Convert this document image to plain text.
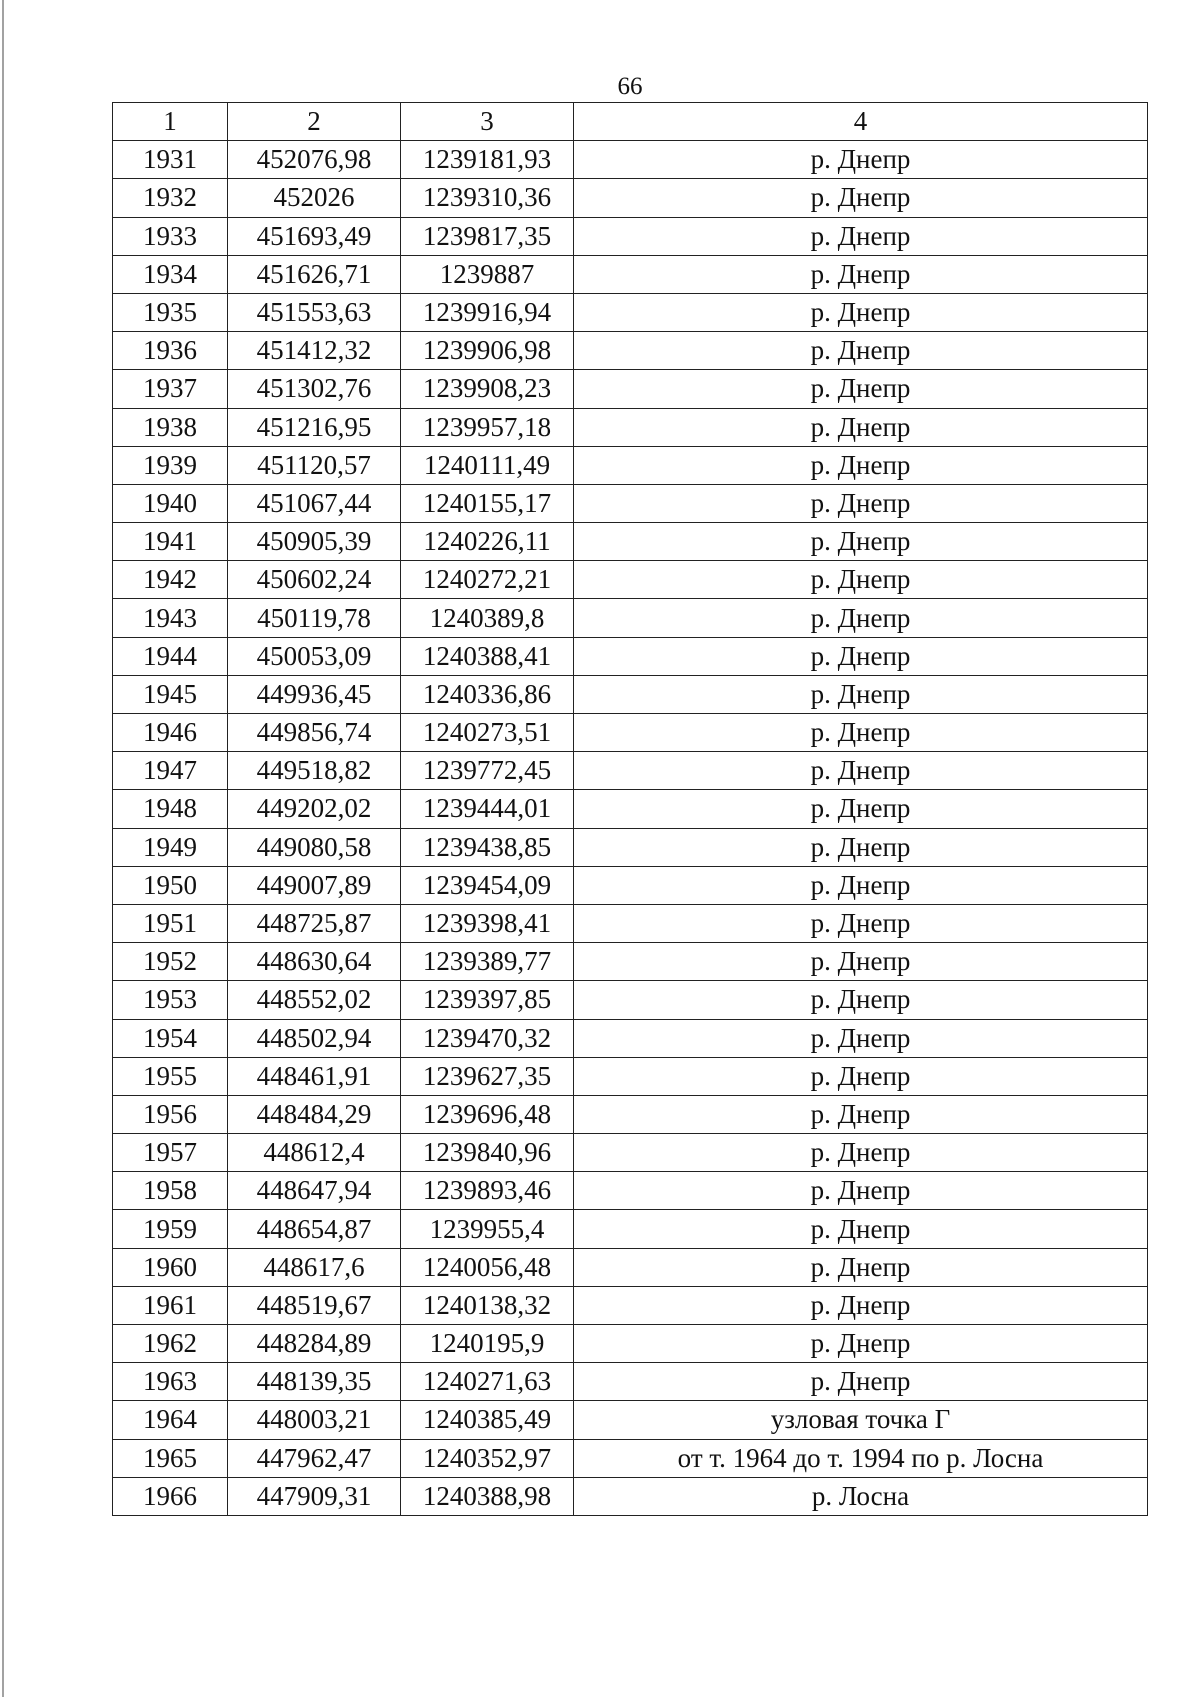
66
1	2	3	4
1931	452076,98	1239181,93	р. Днепр
1932	452026	1239310,36	р. Днепр
1933	451693,49	1239817,35	р. Днепр
1934	451626,71	1239887	р. Днепр
1935	451553,63	1239916,94	р. Днепр
1936	451412,32	1239906,98	р. Днепр
1937	451302,76	1239908,23	р. Днепр
1938	451216,95	1239957,18	р. Днепр
1939	451120,57	1240111,49	р. Днепр
1940	451067,44	1240155,17	р. Днепр
1941	450905,39	1240226,11	р. Днепр
1942	450602,24	1240272,21	р. Днепр
1943	450119,78	1240389,8	р. Днепр
1944	450053,09	1240388,41	р. Днепр
1945	449936,45	1240336,86	р. Днепр
1946	449856,74	1240273,51	р. Днепр
1947	449518,82	1239772,45	р. Днепр
1948	449202,02	1239444,01	р. Днепр
1949	449080,58	1239438,85	р. Днепр
1950	449007,89	1239454,09	р. Днепр
1951	448725,87	1239398,41	р. Днепр
1952	448630,64	1239389,77	р. Днепр
1953	448552,02	1239397,85	р. Днепр
1954	448502,94	1239470,32	р. Днепр
1955	448461,91	1239627,35	р. Днепр
1956	448484,29	1239696,48	р. Днепр
1957	448612,4	1239840,96	р. Днепр
1958	448647,94	1239893,46	р. Днепр
1959	448654,87	1239955,4	р. Днепр
1960	448617,6	1240056,48	р. Днепр
1961	448519,67	1240138,32	р. Днепр
1962	448284,89	1240195,9	р. Днепр
1963	448139,35	1240271,63	р. Днепр
1964	448003,21	1240385,49	узловая точка Г
1965	447962,47	1240352,97	от т. 1964 до т. 1994 по р. Лосна
1966	447909,31	1240388,98	р. Лосна
